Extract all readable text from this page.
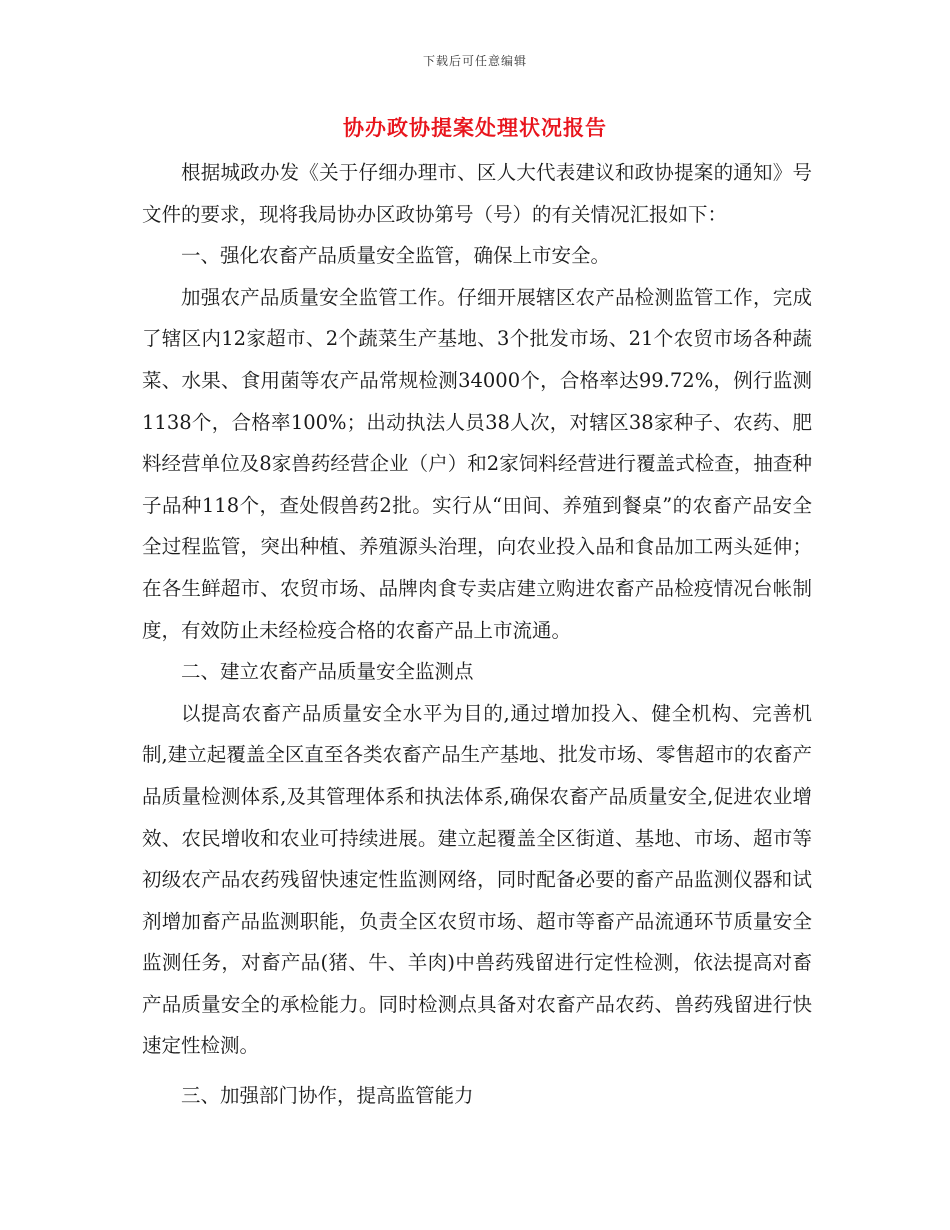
下载后可任意编辑
协办政协提案处理状况报告

根据城政办发《关于仔细办理市、区人大代表建议和政协提案的通知》号文件的要求，现将我局协办区政协第号（号）的有关情况汇报如下：

一、强化农畜产品质量安全监管，确保上市安全。

加强农产品质量安全监管工作。仔细开展辖区农产品检测监管工作，完成了辖区内12家超市、2个蔬菜生产基地、3个批发市场、21个农贸市场各种蔬菜、水果、食用菌等农产品常规检测34000个，合格率达99.72%，例行监测1138个，合格率100%；出动执法人员38人次，对辖区38家种子、农药、肥料经营单位及8家兽药经营企业（户）和2家饲料经营进行覆盖式检查，抽查种子品种118个，查处假兽药2批。实行从“田间、养殖到餐桌”的农畜产品安全全过程监管，突出种植、养殖源头治理，向农业投入品和食品加工两头延伸；在各生鲜超市、农贸市场、品牌肉食专卖店建立购进农畜产品检疫情况台帐制度，有效防止未经检疫合格的农畜产品上市流通。

二、建立农畜产品质量安全监测点

以提高农畜产品质量安全水平为目的,通过增加投入、健全机构、完善机制,建立起覆盖全区直至各类农畜产品生产基地、批发市场、零售超市的农畜产品质量检测体系,及其管理体系和执法体系,确保农畜产品质量安全,促进农业增效、农民增收和农业可持续进展。建立起覆盖全区街道、基地、市场、超市等初级农产品农药残留快速定性监测网络，同时配备必要的畜产品监测仪器和试剂增加畜产品监测职能，负责全区农贸市场、超市等畜产品流通环节质量安全监测任务，对畜产品(猪、牛、羊肉)中兽药残留进行定性检测，依法提高对畜产品质量安全的承检能力。同时检测点具备对农畜产品农药、兽药残留进行快速定性检测。

三、加强部门协作，提高监管能力
